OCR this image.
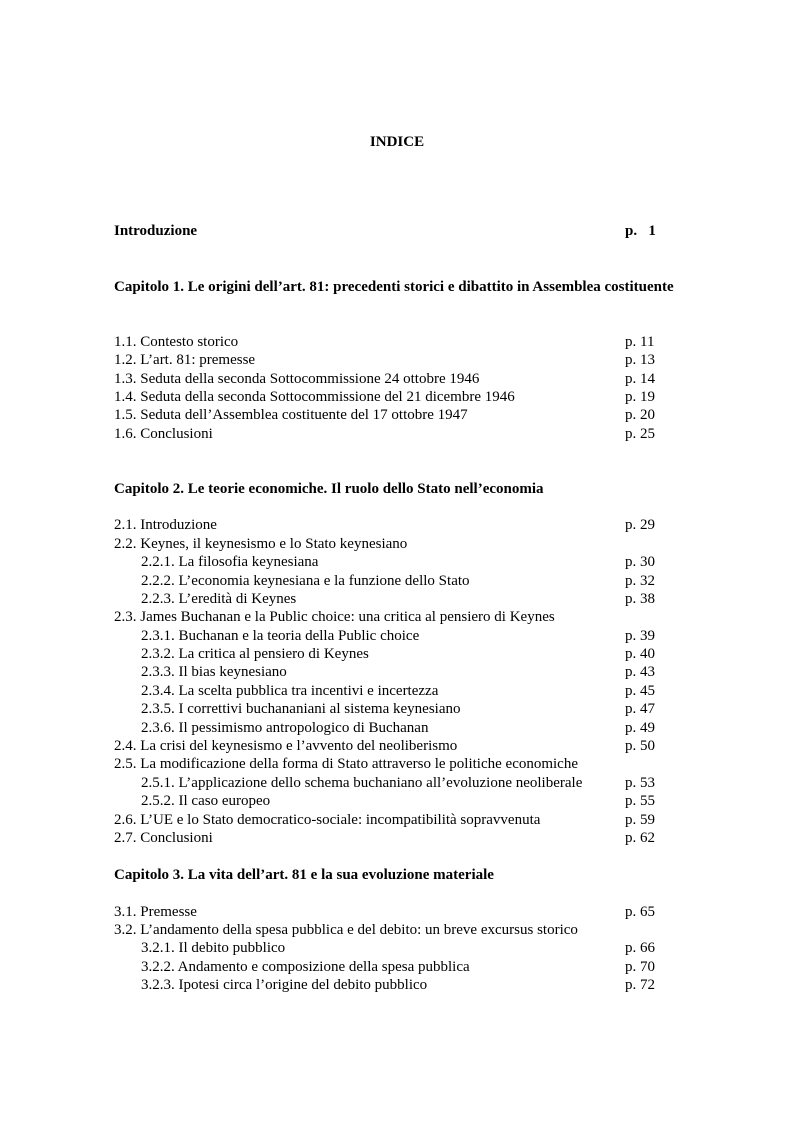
INDICE
Introduzione	p.   1
Capitolo 1. Le origini dell’art. 81: precedenti storici e dibattito in Assemblea costituente
1.1. Contesto storico	p. 11
1.2. L’art. 81: premesse	p. 13
1.3. Seduta della seconda Sottocommissione 24 ottobre 1946	p. 14
1.4. Seduta della seconda Sottocommissione del 21 dicembre 1946	p. 19
1.5. Seduta dell’Assemblea costituente del 17 ottobre 1947	p. 20
1.6. Conclusioni	p. 25
Capitolo 2. Le teorie economiche. Il ruolo dello Stato nell’economia
2.1. Introduzione	p. 29
2.2. Keynes, il keynesismo e lo Stato keynesiano
2.2.1. La filosofia keynesiana	p. 30
2.2.2. L’economia keynesiana e la funzione dello Stato	p. 32
2.2.3. L’eredità di Keynes	p. 38
2.3. James Buchanan e la Public choice: una critica al pensiero di Keynes
2.3.1. Buchanan e la teoria della Public choice	p. 39
2.3.2. La critica al pensiero di Keynes	p. 40
2.3.3. Il bias keynesiano	p. 43
2.3.4. La scelta pubblica tra incentivi e incertezza	p. 45
2.3.5. I correttivi buchananiani al sistema keynesiano	p. 47
2.3.6. Il pessimismo antropologico di Buchanan	p. 49
2.4. La crisi del keynesismo e l’avvento del neoliberismo	p. 50
2.5. La modificazione della forma di Stato attraverso le politiche economiche
2.5.1. L’applicazione dello schema buchaniano all’evoluzione neoliberale	p. 53
2.5.2. Il caso europeo	p. 55
2.6. L’UE e lo Stato democratico-sociale: incompatibilità sopravvenuta	p. 59
2.7. Conclusioni	p. 62
Capitolo 3. La vita dell’art. 81 e la sua evoluzione materiale
3.1. Premesse	p. 65
3.2. L’andamento della spesa pubblica e del debito: un breve excursus storico
3.2.1. Il debito pubblico	p. 66
3.2.2. Andamento e composizione della spesa pubblica	p. 70
3.2.3. Ipotesi circa l’origine del debito pubblico	p. 72
